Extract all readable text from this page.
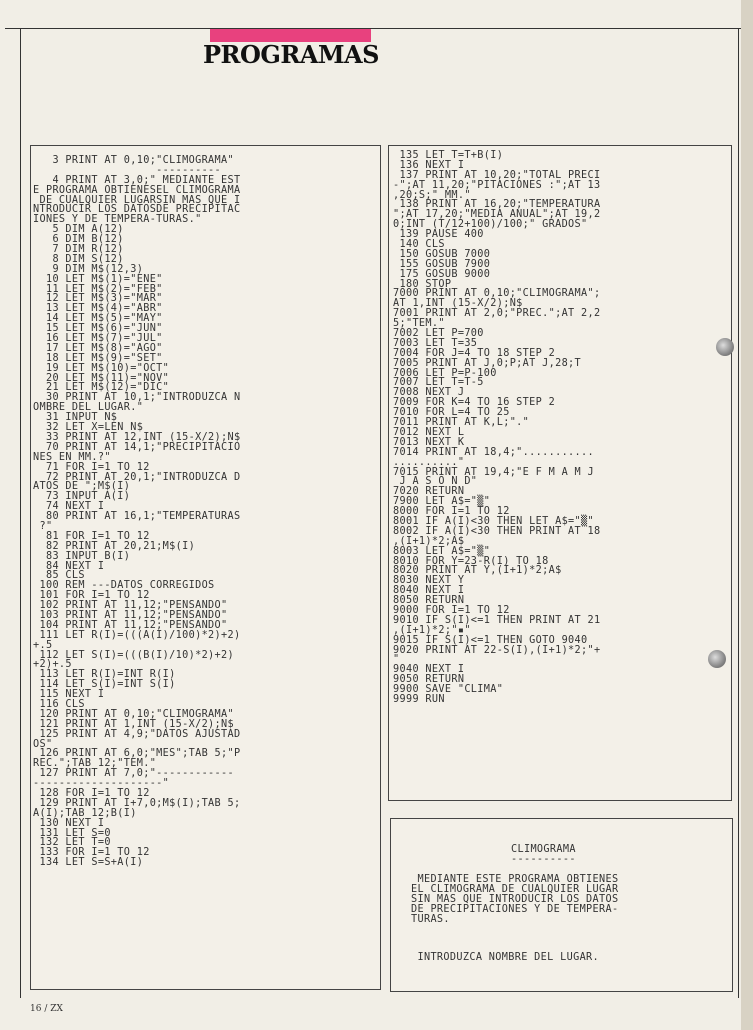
PROGRAMAS
3 PRINT AT 0,10;"CLIMOGRAMA"
----------
4 PRINT AT 3,0;" MEDIANTE EST
E PROGRAMA OBTIENESEL CLIMOGRAMA
DE CUALQUIER LUGARSIN MAS QUE I
NTRODUCIR LOS DATOSDE PRECIPITAC
IONES Y DE TEMPERA-TURAS."
5 DIM A(12)
6 DIM B(12)
7 DIM R(12)
8 DIM S(12)
9 DIM M$(12,3)
10 LET M$(1)="ENE"
11 LET M$(2)="FEB"
12 LET M$(3)="MAR"
13 LET M$(4)="ABR"
14 LET M$(5)="MAY"
15 LET M$(6)="JUN"
16 LET M$(7)="JUL"
17 LET M$(8)="AGO"
18 LET M$(9)="SET"
19 LET M$(10)="OCT"
20 LET M$(11)="NOV"
21 LET M$(12)="DIC"
30 PRINT AT 10,1;"INTRODUZCA N
OMBRE DEL LUGAR."
31 INPUT N$
32 LET X=LEN N$
33 PRINT AT 12,INT (15-X/2);N$
70 PRINT AT 14,1;"PRECIPITACIO
NES EN MM.?"
71 FOR I=1 TO 12
72 PRINT AT 20,1;"INTRODUZCA D
ATOS DE ";M$(I)
73 INPUT A(I)
74 NEXT I
80 PRINT AT 16,1;"TEMPERATURAS
?"
81 FOR I=1 TO 12
82 PRINT AT 20,21;M$(I)
83 INPUT B(I)
84 NEXT I
85 CLS
100 REM ---DATOS CORREGIDOS
101 FOR I=1 TO 12
102 PRINT AT 11,12;"PENSANDO"
103 PRINT AT 11,12;"PENSANDO"
104 PRINT AT 11,12;"PENSANDO"
111 LET R(I)=(((A(I)/100)*2)+2)
+.5
112 LET S(I)=(((B(I)/10)*2)+2)
+2)+.5
113 LET R(I)=INT R(I)
114 LET S(I)=INT S(I)
115 NEXT I
116 CLS
120 PRINT AT 0,10;"CLIMOGRAMA"
121 PRINT AT 1,INT (15-X/2);N$
125 PRINT AT 4,9;"DATOS AJUSTAD
OS"
126 PRINT AT 6,0;"MES";TAB 5;"P
REC.";TAB 12;"TEM."
127 PRINT AT 7,0;"------------
--------------------"
128 FOR I=1 TO 12
129 PRINT AT I+7,0;M$(I);TAB 5;
A(I);TAB 12;B(I)
130 NEXT I
131 LET S=0
132 LET T=0
133 FOR I=1 TO 12
134 LET S=S+A(I)
135 LET T=T+B(I)
136 NEXT I
137 PRINT AT 10,20;"TOTAL PRECI
-";AT 11,20;"PITACIONES :";AT 13
,20;S;" MM."
138 PRINT AT 16,20;"TEMPERATURA
";AT 17,20;"MEDIA ANUAL";AT 19,2
0;INT (T/12+100)/100;" GRADOS"
139 PAUSE 400
140 CLS
150 GOSUB 7000
155 GOSUB 7900
175 GOSUB 9000
180 STOP
7000 PRINT AT 0,10;"CLIMOGRAMA";
AT 1,INT (15-X/2);N$
7001 PRINT AT 2,0;"PREC.";AT 2,2
5;"TEM."
7002 LET P=700
7003 LET T=35
7004 FOR J=4 TO 18 STEP 2
7005 PRINT AT J,0;P;AT J,28;T
7006 LET P=P-100
7007 LET T=T-5
7008 NEXT J
7009 FOR K=4 TO 16 STEP 2
7010 FOR L=4 TO 25
7011 PRINT AT K,L;"."
7012 NEXT L
7013 NEXT K
7014 PRINT AT 18,4;"...........
.........."
7015 PRINT AT 19,4;"E F M A M J
J A S O N D"
7020 RETURN
7900 LET A$="▒"
8000 FOR I=1 TO 12
8001 IF A(I)<30 THEN LET A$="▒"
8002 IF A(I)<30 THEN PRINT AT 18
,(I+1)*2;A$
8003 LET A$="▒"
8010 FOR Y=23-R(I) TO 18
8020 PRINT AT Y,(I+1)*2;A$
8030 NEXT Y
8040 NEXT I
8050 RETURN
9000 FOR I=1 TO 12
9010 IF S(I)<=1 THEN PRINT AT 21
,(I+1)*2;"▪"
9015 IF S(I)<=1 THEN GOTO 9040
9020 PRINT AT 22-S(I),(I+1)*2;"+
"
9040 NEXT I
9050 RETURN
9900 SAVE "CLIMA"
9999 RUN
CLIMOGRAMA
----------
MEDIANTE ESTE PROGRAMA OBTIENES
EL CLIMOGRAMA DE CUALQUIER LUGAR
SIN MAS QUE INTRODUCIR LOS DATOS
DE PRECIPITACIONES Y DE TEMPERA-
TURAS.
INTRODUZCA NOMBRE DEL LUGAR.
16 / ZX
